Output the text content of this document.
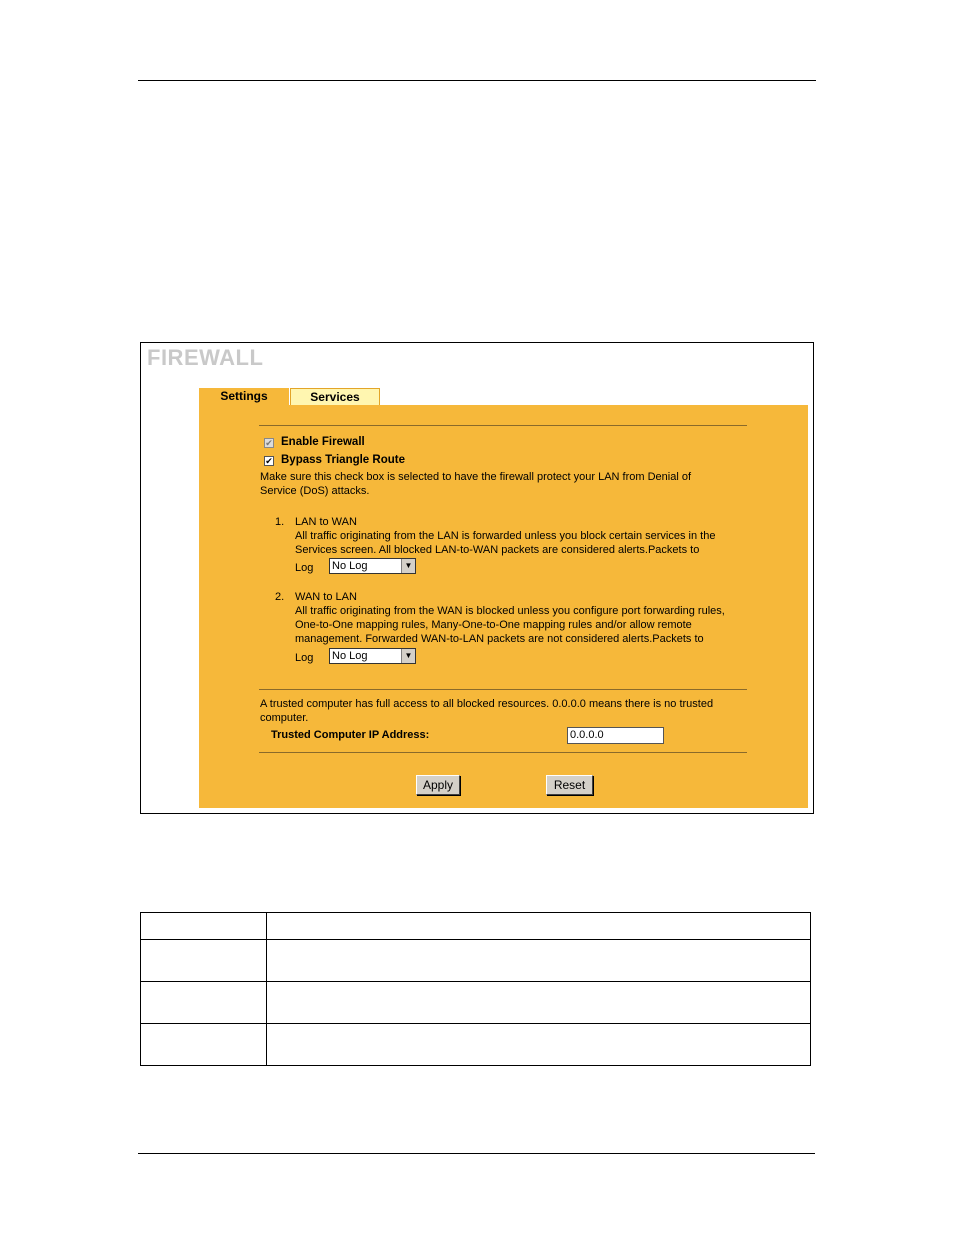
FIREWALL
Settings	Services
✔ Enable Firewall
✔ Bypass Triangle Route
Make sure this check box is selected to have the firewall protect your LAN from Denial of
Service (DoS) attacks.
1. LAN to WAN
All traffic originating from the LAN is forwarded unless you block certain services in the
Services screen. All blocked LAN-to-WAN packets are considered alerts.Packets to
Log No Log	▼
2. WAN to LAN
All traffic originating from the WAN is blocked unless you configure port forwarding rules,
One-to-One mapping rules, Many-One-to-One mapping rules and/or allow remote
management. Forwarded WAN-to-LAN packets are not considered alerts.Packets to
Log No Log	▼
A trusted computer has full access to all blocked resources. 0.0.0.0 means there is no trusted
computer.
Trusted Computer IP Address:	0.0.0.0
Apply	Reset
